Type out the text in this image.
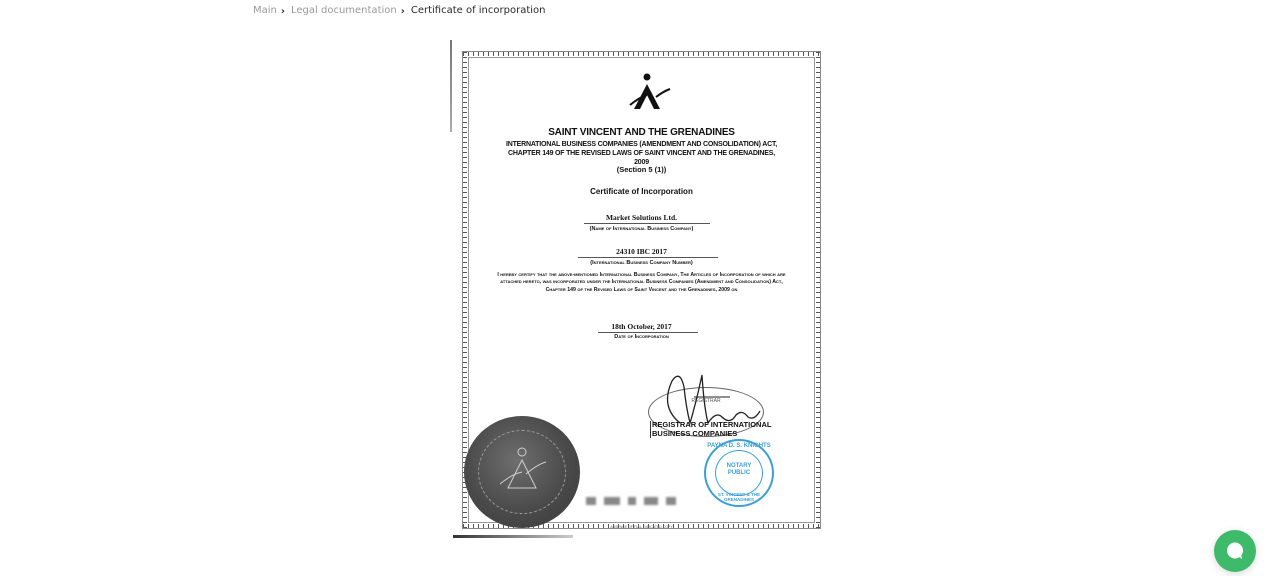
Main › Legal documentation › Certificate of incorporation
SAINT VINCENT AND THE GRENADINES
INTERNATIONAL BUSINESS COMPANIES (AMENDMENT AND CONSOLIDATION) ACT, CHAPTER 149 OF THE REVISED LAWS OF SAINT VINCENT AND THE GRENADINES, 2009
(Section 5 (1))
Certificate of Incorporation
Market Solutions Ltd.
(Name of International Business Company)
24310 IBC 2017
(International Business Company Number)
I hereby certify that the above-mentioned International Business Company, The Articles of Incorporation of which are attached hereto, was incorporated under the International Business Companies (Amendment and Consolidation) Act, Chapter 149 of the Revised Laws of Saint Vincent and the Grenadines, 2009 on
18th October, 2017
Date of Incorporation
REGISTRAR
REGISTRAR OF INTERNATIONAL BUSINESS COMPANIES
PAYNA D. S. KNIGHTS
NOTARY PUBLIC
ST. VINCENT & THE GRENADINES
ABSENCE OF FULL INDICATED COPY
